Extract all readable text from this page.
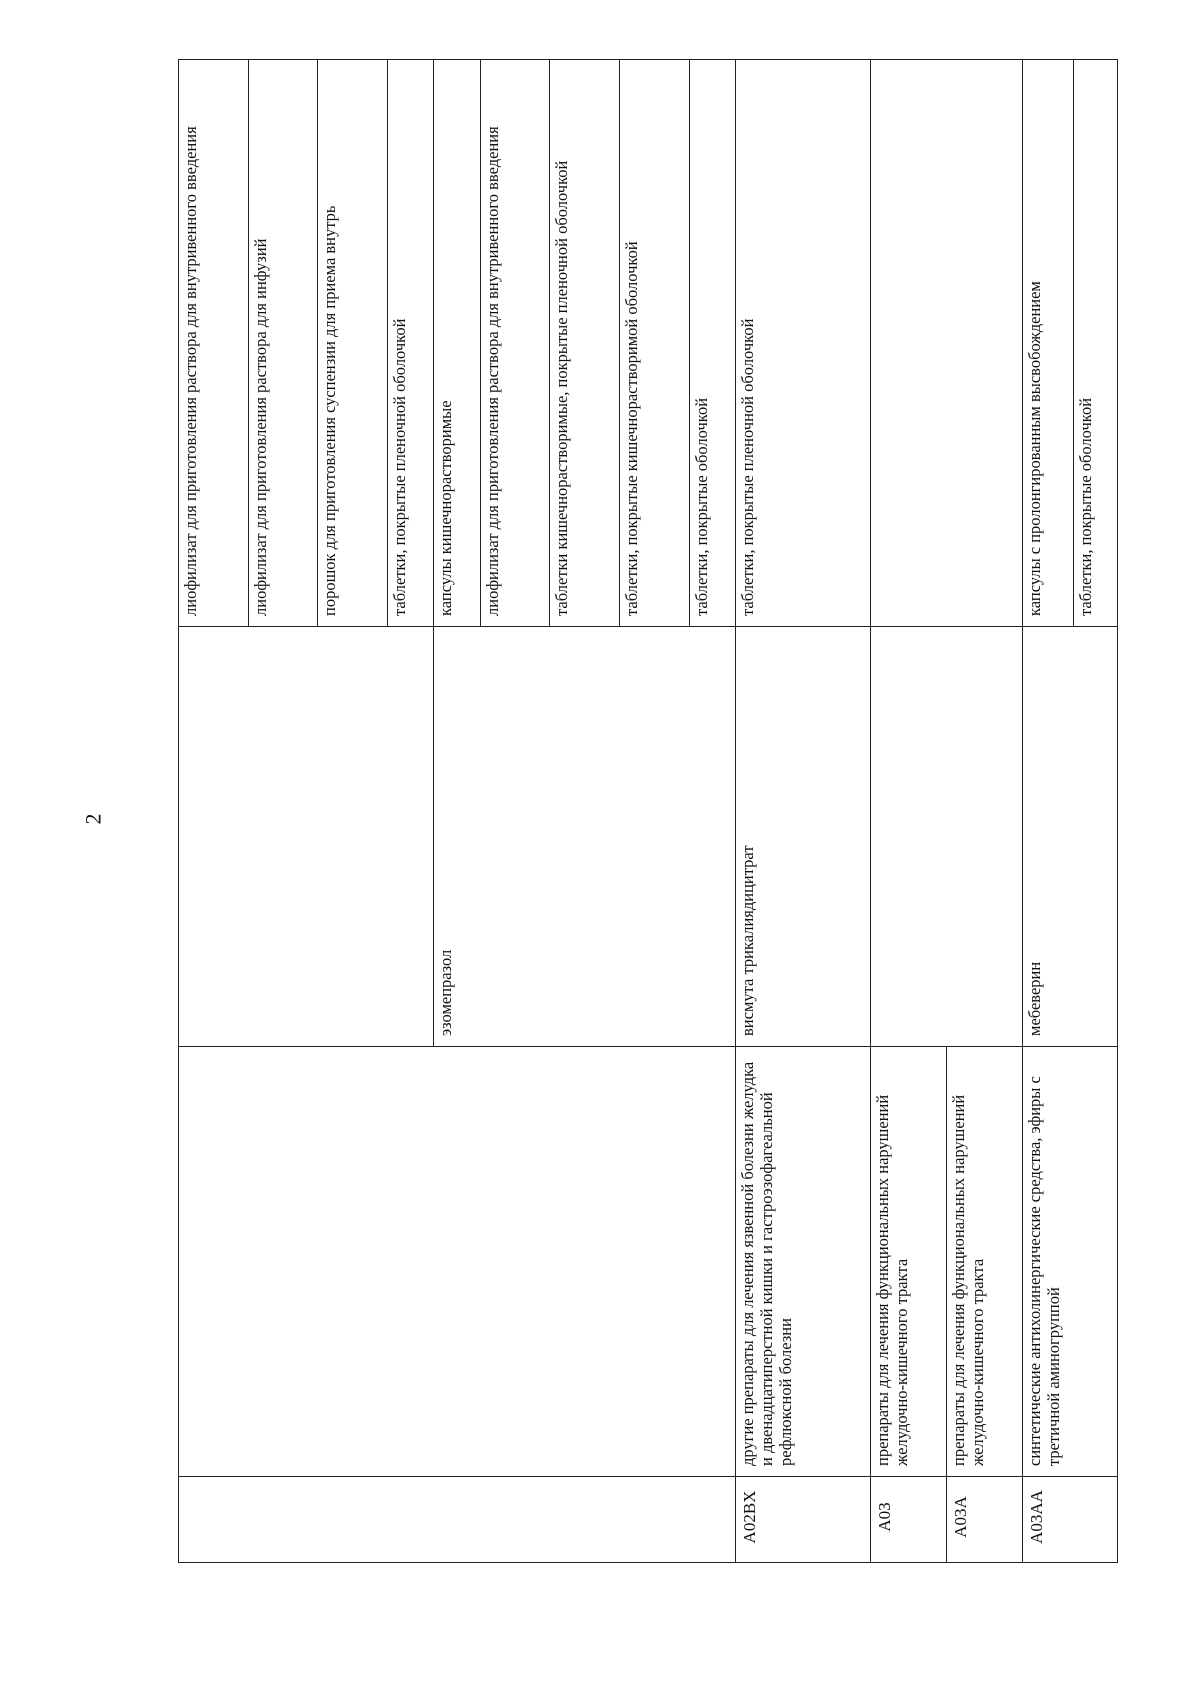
2
			лиофилизат для приготовления раствора для внутривенного введения
			лиофилизат для приготовления раствора для инфузий
			порошок для приготовления суспензии для приема внутрь
			таблетки, покрытые пленочной оболочкой
		эзомепразол	капсулы кишечнорастворимые
			лиофилизат для приготовления раствора для внутривенного введения
			таблетки кишечнорастворимые, покрытые пленочной оболочкой
			таблетки, покрытые кишечнорастворимой оболочкой
			таблетки, покрытые оболочкой
A02BX	другие препараты для лечения язвенной болезни желудка и двенадцатиперстной кишки и гастроэзофагеальной рефлюксной болезни	висмута трикалиядицитрат	таблетки, покрытые пленочной оболочкой
A03	препараты для лечения функциональных нарушений желудочно-кишечного тракта		
A03A	препараты для лечения функциональных нарушений желудочно-кишечного тракта		
A03AA	синтетические антихолинергические средства, эфиры с третичной аминогруппой	мебеверин	капсулы с пролонгированным высвобождением
			таблетки, покрытые оболочкой
